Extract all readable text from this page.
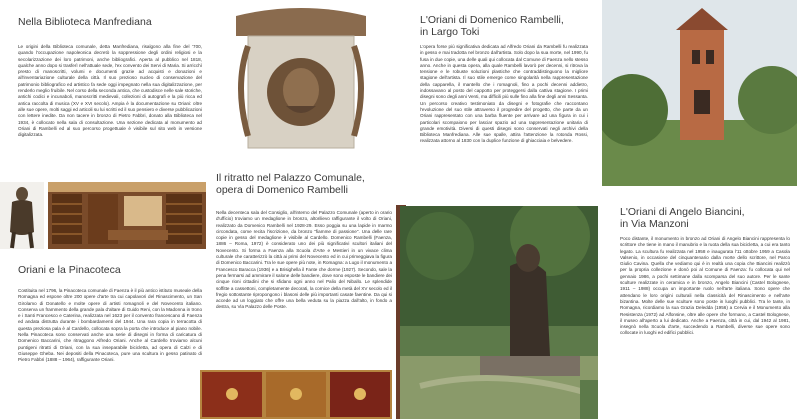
Nella Biblioteca Manfrediana
Le origini della Biblioteca comunale, detta Manfrediana, risalgono alla fine del '700, quando l'occupazione napoleonica decretò la soppressione degli ordini religiosi e la secolarizzazione dei loro patrimoni, anche bibliografici. Aperta al pubblico nel 1818, qualche anno dopo si trasferì nell'attuale sede, l'ex convento dei Servi di Maria. Si arricchì presto di manoscritti, volumi e documenti grazie ad acquisti e donazioni e all'inventariazione culturale della città. Il suo prezioso nucleo di conservazione del patrimonio bibliografico ed artistico fa sede oggi impegnato nella sua digitalizzazione, per renderlo meglio fruibile. Nel corso della seconda antica, che custodisce nelle sale storiche, antichi codici e incunaboli, manoscritti medievali, collezioni di autografi e la più ricca ed antica raccolta di musica (XV e XVI secolo). Ampia è la documentazione su Oriani: oltre alle sue opere, molti saggi ed articoli su lui scritti ed il suo pensiero e diverse pubblicazioni con lettere inedite. Da non tacere in bronzo di Pietro Fabbri, donato alla Biblioteca nel 1934, è collocato nella sala di consultazione. Una sezione dedicata al monumento ad Oriani di Rambelli ed al suo percorso progettuale è visibile sul sito web in versione digitalizzata.
Oriani e la Pinacoteca
Costituita nel 1796, la Pinacoteca comunale di Faenza è il più antico istituto museale della Romagna ed espone oltre 200 opere d'arte tra cui capolavori del Rinascimento, un San Girolamo di Donatello e molte opere di artisti romagnoli e del Novecento italiano. Conserva un frammento della grande pala d'altare di Guido Reni, con la Madonna in trono e i Santi Francesco e Caterina, realizzata nel 1623 per il convento francescano di Faenza ed andata distrutta durante i bombardamenti del 1944. Una rara copia in terracotta di questa preziosa pala è al Cardello, collocata sopra la porta che introduce al piano nobile. Nella Pinacoteca sono conservati anche una serie di disegni in forma di caricatura di Domenico Baccarini, che ritraggono Alfredo Oriani. Anche al Cardello troviamo alcuni puntigeni ritratti di Oriani, con la sua inseparabile bicicletta, ad opera di Calzi e di Giuseppe Gheba. Nei depositi della Pinacoteca, pure una scultura in gesso patinato di Pietro Fabbri (1888 – 1964), raffigurante Oriani.
Il ritratto nel Palazzo Comunale,
opera di Domenico Rambelli
Nella decenteca sala del Consiglio, all'interno del Palazzo Comunale (aperto in orario d'ufficio) troviamo un medaglione in bronzo, altorilievo raffigurante il volto di Oriani, realizzato da Domenico Rambelli nel 1928-29. Esso poggia su una lapide in marmo circondata, come recita l'iscrizione, da bronzo "fiamme di passione". Una delle rare copie in gesso del medaglione è visibile al Cardello. Domenico Rambelli (Faenza, 1886 – Roma, 1972) è considerato uno dei più significativi scultori italiani del Novecento. Si forma a Faenza alla Scuola d'Arte e Mestieri in un vivace clima culturale che caratterizzò la città ai primi del Novecento ed in cui primeggiava la figura di Domenico Baccarini. Tra le sue opere più note, in Romagna: a Lugo il monumento a Francesco Baracca (1936) e a Brisighella il Fante che dorme (1927). Secondo, sale la pena fermarsi ad ammirare il salone delle bandiere, dove sono esposte le bandiere dei cinque rioni cittadini che si sfidano ogni anno nel Palio del Niballo. Le splendide soffitte a cassettoni, completamente decorati, la cornice della metà del XV secolo ed il fregio sottostante ripropongono i blasoni delle più importanti casate faentine. Da qui si accede ad un loggiato che offre una bella veduta su la piazza dall'alto, in fondo a destra, su Via Palazzo delle Poste.
L'Oriani di Domenico Rambelli,
in Largo Toki
L'opera forse più significativa dedicata ad Alfredo Oriani da Rambelli fu realizzata in gesso e mai tradotta nel bronzo dall'artista. Solo dopo la sua morte, nel 1990, fu fusa in due copie, una delle quali qui collocata dal Comune di Faenza nello stesso anno. Anche in questa opera, alla quale Rambelli lavorò per decenni, si ritrova la tensione e le robuste soluzioni plastiche che contraddistinguono la migliore stagione dell'artista. Il suo stile emerge come singolarità nella rappresentazione della capparella, il mantello che i romagnoli, fino a pochi decenni addietro, indossavano al posto del cappotto per proteggersi dalla cattiva stagione. I primi disegni sono degli anni Venti, ma difficili più sulle fino alla fine degli anni Sessanta. Un percorso creativo testimoniato da disegni e fotografie che raccontano l'evoluzione del suo stile attraverso il progredire del progetto, che parte da un Oriani rappresentato con una barba fluente per arrivare ad una figura in cui i particolari scompaiono per lasciar spazio ad una rappresentazione unitaria di grande emotività. Diversi di questi disegni sono conservati negli archivi della Biblioteca Manfrediana. Alle sue spalle, attira l'attenzione la rotonda Rossi, realizzata attorno al 1830 con la duplice funzione di ghiacciaia e belvedere.
L'Oriani di Angelo Biancini,
in Via Manzoni
Poco distante, il monumento in bronzo ad Oriani di Angelo Biancini rappresenta lo scrittore che tiene in mano il manubrio e la ruota della sua bicicletta, a cui era tanto legato. La scultura fu realizzata nel 1958 e inaugurata l'11 ottobre 1959 a Casola Valsenio, in occasione del cinquantenario dalla morte dello scrittore, nel Parco Giulio Cavina. Quella che vediamo qui è in realtà una copia che Biancini realizzò per la propria collezione e donò poi al Comune di Faenza: fu collocata qui nel gennaio 1986, a pochi settimane dalla scomparsa del suo autore. Per le sante sculture realizzate in ceramica e in bronzo, Angelo Biancini (Castel Bolognese, 1911 – 1988) occupa un importante ruolo nell'arte italiana. Sono opere che attendano le loro origini culturali nella classicità del Rinascimento e nell'arte bizantina. Molte delle sue sculture sono poste in luoghi pubblici. Tra le tante, in Romagna, ricordiamo la sua Grazia Deledda (1956) a Cervia e il Monumento alla Resistenza (1972) ad Alfonsine, oltre alle opere che formano, a Castel Bolognese, il museo all'aperto a lui dedicato. Anche a Faenza, città in cui, dal 1942 al 1981, insegnò nella Scuola d'arte, succedendo a Rambelli, diverse sue opere sono collocate in luoghi ed edifici pubblici.
